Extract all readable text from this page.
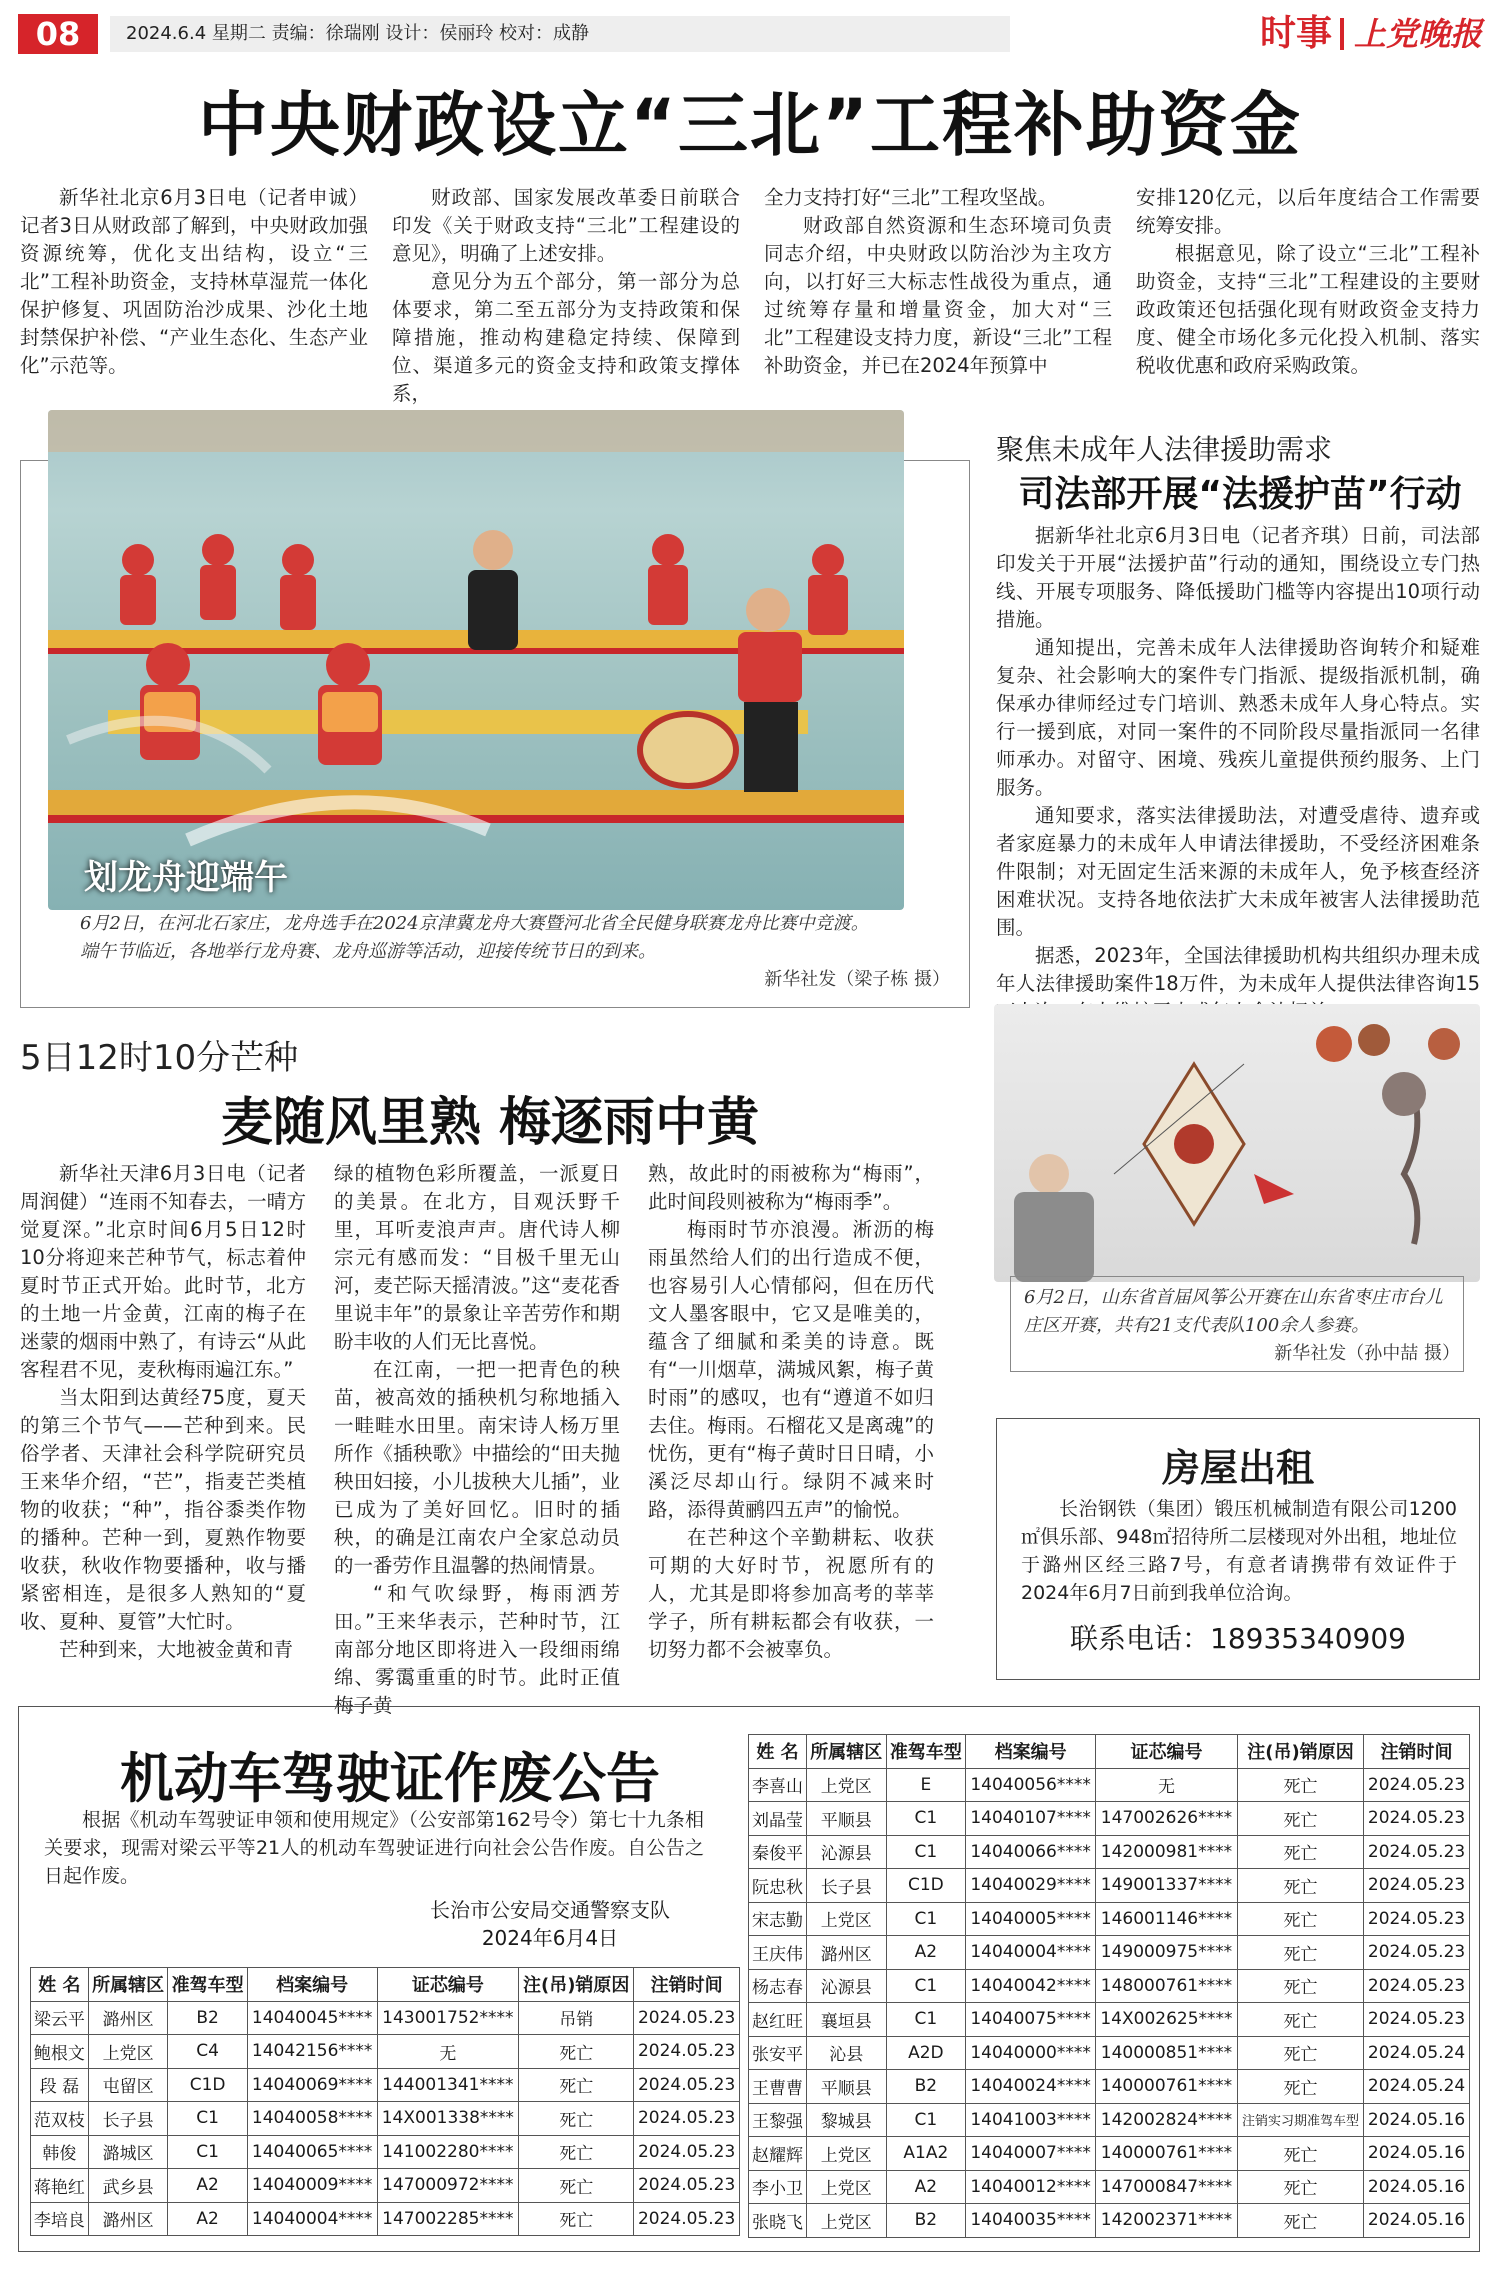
08	2024.6.4 星期二 责编：徐瑞刚 设计：侯丽玲 校对：成静	时事 上党晚报
中央财政设立“三北”工程补助资金

新华社北京6月3日电（记者申诚）记者3日从财政部了解到，中央财政加强资源统筹，优化支出结构，设立“三北”工程补助资金，支持林草湿荒一体化保护修复、巩固防治沙成果、沙化土地封禁保护补偿、“产业生态化、生态产业化”示范等。

财政部、国家发展改革委日前联合印发《关于财政支持“三北”工程建设的意见》，明确了上述安排。

意见分为五个部分，第一部分为总体要求，第二至五部分为支持政策和保障措施，推动构建稳定持续、保障到位、渠道多元的资金支持和政策支撑体系，

全力支持打好“三北”工程攻坚战。

财政部自然资源和生态环境司负责同志介绍，中央财政以防治沙为主攻方向，以打好三大标志性战役为重点，通过统筹存量和增量资金，加大对“三北”工程建设支持力度，新设“三北”工程补助资金，并已在2024年预算中

安排120亿元，以后年度结合工作需要统筹安排。

根据意见，除了设立“三北”工程补助资金，支持“三北”工程建设的主要财政政策还包括强化现有财政资金支持力度、健全市场化多元化投入机制、落实税收优惠和政府采购政策。

划龙舟迎端午
6月2日，在河北石家庄，龙舟选手在2024京津冀龙舟大赛暨河北省全民健身联赛龙舟比赛中竞渡。端午节临近，各地举行龙舟赛、龙舟巡游等活动，迎接传统节日的到来。
新华社发（梁子栋 摄）
聚焦未成年人法律援助需求
司法部开展“法援护苗”行动

据新华社北京6月3日电（记者齐琪）日前，司法部印发关于开展“法援护苗”行动的通知，围绕设立专门热线、开展专项服务、降低援助门槛等内容提出10项行动措施。

通知提出，完善未成年人法律援助咨询转介和疑难复杂、社会影响大的案件专门指派、提级指派机制，确保承办律师经过专门培训、熟悉未成年人身心特点。实行一援到底，对同一案件的不同阶段尽量指派同一名律师承办。对留守、困境、残疾儿童提供预约服务、上门服务。

通知要求，落实法律援助法，对遭受虐待、遗弃或者家庭暴力的未成年人申请法律援助，不受经济困难条件限制；对无固定生活来源的未成年人，免予核查经济困难状况。支持各地依法扩大未成年被害人法律援助范围。

据悉，2023年，全国法律援助机构共组织办理未成年人法律援助案件18万件，为未成年人提供法律咨询15

6月2日，山东省首届风筝公开赛在山东省枣庄市台儿庄区开赛，共有21支代表队100余人参赛。
新华社发（孙中喆 摄）
5日12时10分芒种
麦随风里熟 梅逐雨中黄

新华社天津6月3日电（记者周润健）“连雨不知春去，一晴方觉夏深。”北京时间6月5日12时10分将迎来芒种节气，标志着仲夏时节正式开始。此时节，北方的土地一片金黄，江南的梅子在迷蒙的烟雨中熟了，有诗云“从此客程君不见，麦秋梅雨遍江东。”

当太阳到达黄经75度，夏天的第三个节气——芒种到来。民俗学者、天津社会科学院研究员王来华介绍，“芒”，指麦芒类植物的收获；“种”，指谷黍类作物的播种。芒种一到，夏熟作物要收获，秋收作物要播种，收与播紧密相连，是很多人熟知的“夏收、夏种、夏管”大忙时。

芒种到来，大地被金黄和青

绿的植物色彩所覆盖，一派夏日的美景。在北方，目观沃野千里，耳听麦浪声声。唐代诗人柳宗元有感而发：“目极千里无山河，麦芒际天摇清波。”这“麦花香里说丰年”的景象让辛苦劳作和期盼丰收的人们无比喜悦。

在江南，一把一把青色的秧苗，被高效的插秧机匀称地插入一畦畦水田里。南宋诗人杨万里所作《插秧歌》中描绘的“田夫抛秧田妇接，小儿拔秧大儿插”，业已成为了美好回忆。旧时的插秧，的确是江南农户全家总动员的一番劳作且温馨的热闹情景。

“和气吹绿野，梅雨洒芳田。”王来华表示，芒种时节，江南部分地区即将进入一段细雨绵绵、雾霭重重的时节。此时正值梅子黄

熟，故此时的雨被称为“梅雨”，此时间段则被称为“梅雨季”。

梅雨时节亦浪漫。淅沥的梅雨虽然给人们的出行造成不便，也容易引人心情郁闷，但在历代文人墨客眼中，它又是唯美的，蕴含了细腻和柔美的诗意。既有“一川烟草，满城风絮，梅子黄时雨”的感叹，也有“遵道不如归去住。梅雨。石榴花又是离魂”的忧伤，更有“梅子黄时日日晴，小溪泛尽却山行。绿阴不减来时路，添得黄鹂四五声”的愉悦。

在芒种这个辛勤耕耘、收获可期的大好时节，祝愿所有的人，尤其是即将参加高考的莘莘学子，所有耕耘都会有收获，一切努力都不会被辜负。

房屋出租

长治钢铁（集团）锻压机械制造有限公司1200㎡俱乐部、948㎡招待所二层楼现对外出租，地址位于潞州区经三路7号，有意者请携带有效证件于2024年6月7日前到我单位洽询。

联系电话：18935340909
机动车驾驶证作废公告

根据《机动车驾驶证申领和使用规定》（公安部第162号令）第七十九条相关要求，现需对梁云平等21人的机动车驾驶证进行向社会公告作废。自公告之日起作废。

长治市公安局交通警察支队
2024年6月4日
姓 名	所属辖区	准驾车型	档案编号	证芯编号	注(吊)销原因	注销时间
梁云平	潞州区	B2	14040045****	143001752****	吊销	2024.05.23
鲍根文	上党区	C4	14042156****	无	死亡	2024.05.23
段 磊	屯留区	C1D	14040069****	144001341****	死亡	2024.05.23
范双枝	长子县	C1	14040058****	14X001338****	死亡	2024.05.23
韩俊	潞城区	C1	14040065****	141002280****	死亡	2024.05.23
蒋艳红	武乡县	A2	14040009****	147000972****	死亡	2024.05.23
李培良	潞州区	A2	14040004****	147002285****	死亡	2024.05.23
姓 名	所属辖区	准驾车型	档案编号	证芯编号	注(吊)销原因	注销时间
李喜山	上党区	E	14040056****	无	死亡	2024.05.23
刘晶莹	平顺县	C1	14040107****	147002626****	死亡	2024.05.23
秦俊平	沁源县	C1	14040066****	142000981****	死亡	2024.05.23
阮忠秋	长子县	C1D	14040029****	149001337****	死亡	2024.05.23
宋志勤	上党区	C1	14040005****	146001146****	死亡	2024.05.23
王庆伟	潞州区	A2	14040004****	149000975****	死亡	2024.05.23
杨志春	沁源县	C1	14040042****	148000761****	死亡	2024.05.23
赵红旺	襄垣县	C1	14040075****	14X002625****	死亡	2024.05.23
张安平	沁县	A2D	14040000****	140000851****	死亡	2024.05.24
王曹曹	平顺县	B2	14040024****	140000761****	死亡	2024.05.24
王黎强	黎城县	C1	14041003****	142002824****	注销实习期准驾车型	2024.05.16
赵耀辉	上党区	A1A2	14040007****	140000761****	死亡	2024.05.16
李小卫	上党区	A2	14040012****	147000847****	死亡	2024.05.16
张晓飞	上党区	B2	14040035****	142002371****	死亡	2024.05.16
